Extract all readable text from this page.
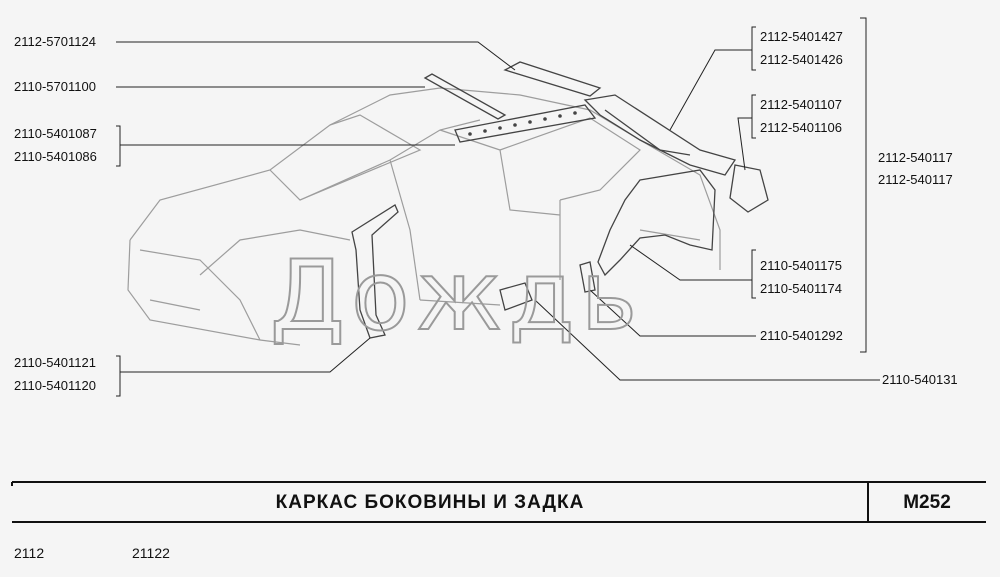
Дождь
2112-5701124
2110-5701100
2110-5401087
2110-5401086
2110-5401121
2110-5401120
2112-5401427
2112-5401426
2112-5401107
2112-5401106
2112-540117
2112-540117
2110-5401175
2110-5401174
2110-5401292
2110-540131
КАРКАС БОКОВИНЫ И ЗАДКА	M252
2112	21122
